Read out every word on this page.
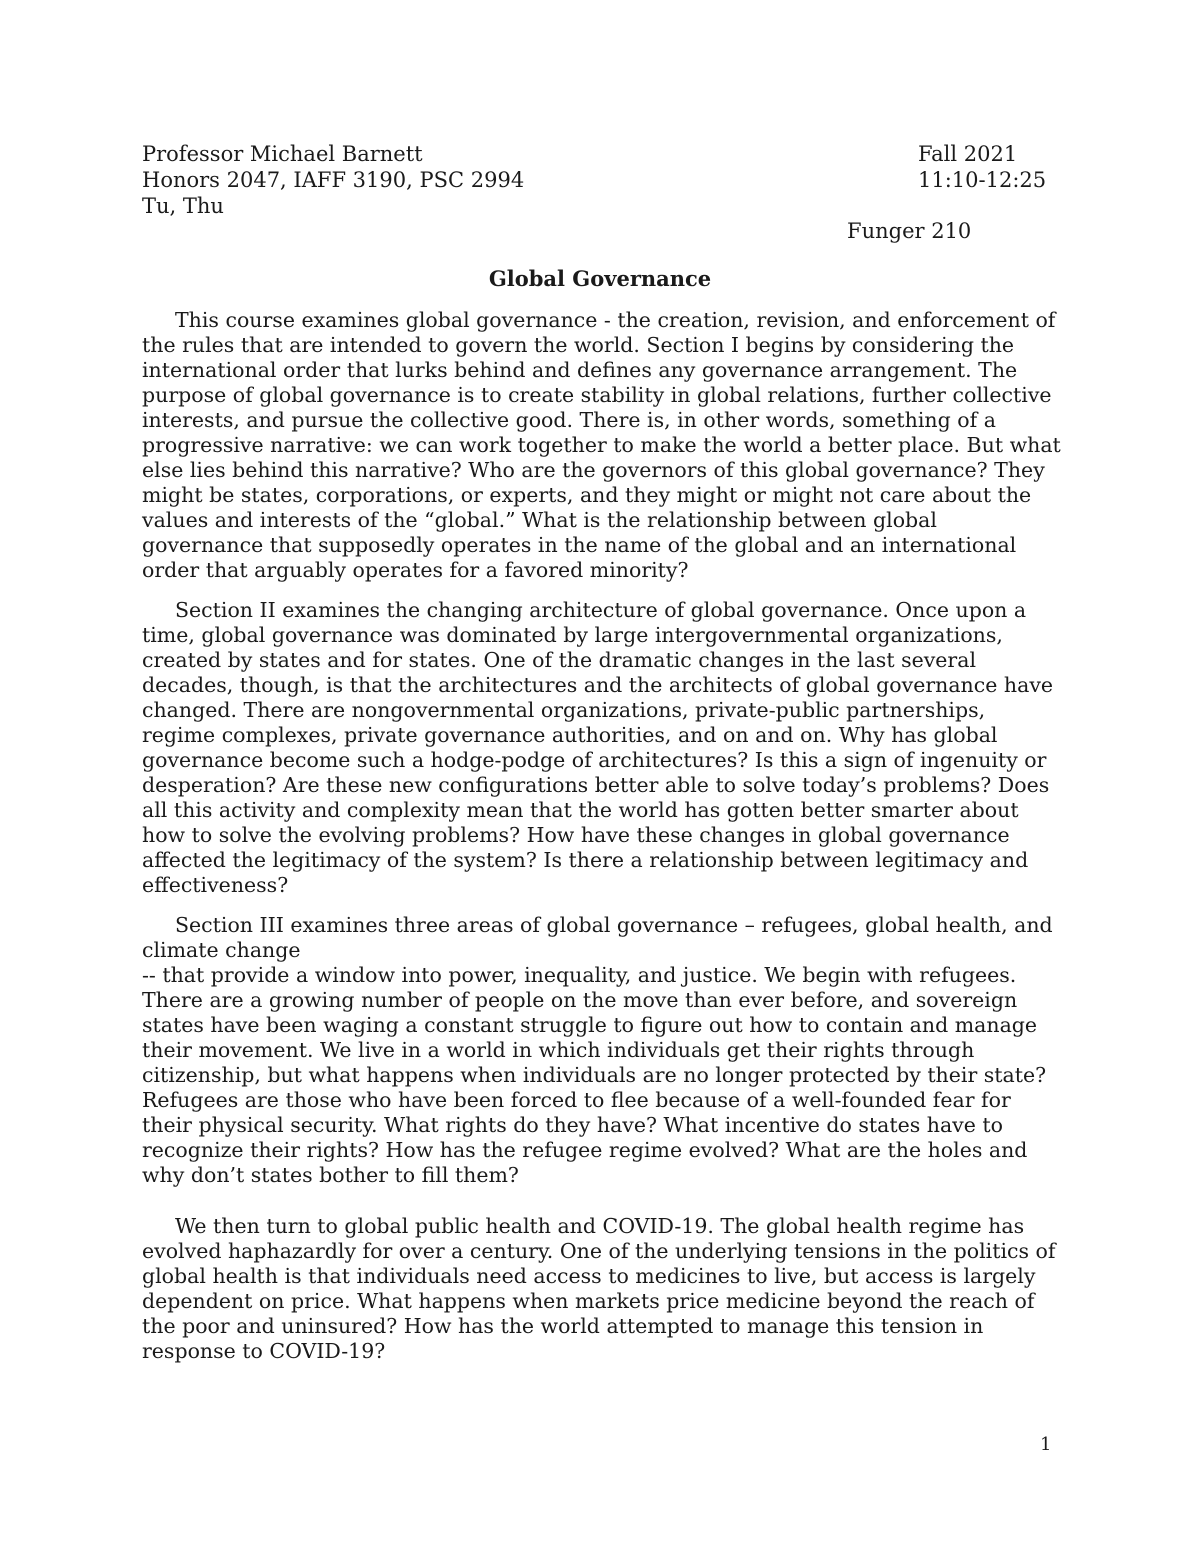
Professor Michael Barnett
Honors 2047, IAFF 3190, PSC 2994
Tu, Thu
Fall 2021
11:10-12:25
Funger 210
Global Governance

This course examines global governance - the creation, revision, and enforcement of the rules that are intended to govern the world. Section I begins by considering the international order that lurks behind and defines any governance arrangement. The purpose of global governance is to create stability in global relations, further collective interests, and pursue the collective good. There is, in other words, something of a progressive narrative: we can work together to make the world a better place. But what else lies behind this narrative? Who are the governors of this global governance? They might be states, corporations, or experts, and they might or might not care about the values and interests of the “global.” What is the relationship between global governance that supposedly operates in the name of the global and an international order that arguably operates for a favored minority?

Section II examines the changing architecture of global governance. Once upon a time, global governance was dominated by large intergovernmental organizations, created by states and for states. One of the dramatic changes in the last several decades, though, is that the architectures and the architects of global governance have changed. There are nongovernmental organizations, private-public partnerships, regime complexes, private governance authorities, and on and on. Why has global governance become such a hodge-podge of architectures? Is this a sign of ingenuity or desperation? Are these new configurations better able to solve today’s problems? Does all this activity and complexity mean that the world has gotten better smarter about how to solve the evolving problems? How have these changes in global governance affected the legitimacy of the system? Is there a relationship between legitimacy and effectiveness?

Section III examines three areas of global governance – refugees, global health, and climate change

-- that provide a window into power, inequality, and justice. We begin with refugees. There are a growing number of people on the move than ever before, and sovereign states have been waging a constant struggle to figure out how to contain and manage their movement. We live in a world in which individuals get their rights through citizenship, but what happens when individuals are no longer protected by their state? Refugees are those who have been forced to flee because of a well-founded fear for their physical security. What rights do they have? What incentive do states have to recognize their rights? How has the refugee regime evolved? What are the holes and why don’t states bother to fill them?

We then turn to global public health and COVID-19. The global health regime has evolved haphazardly for over a century. One of the underlying tensions in the politics of global health is that individuals need access to medicines to live, but access is largely dependent on price. What happens when markets price medicine beyond the reach of the poor and uninsured? How has the world attempted to manage this tension in response to COVID-19?

1
